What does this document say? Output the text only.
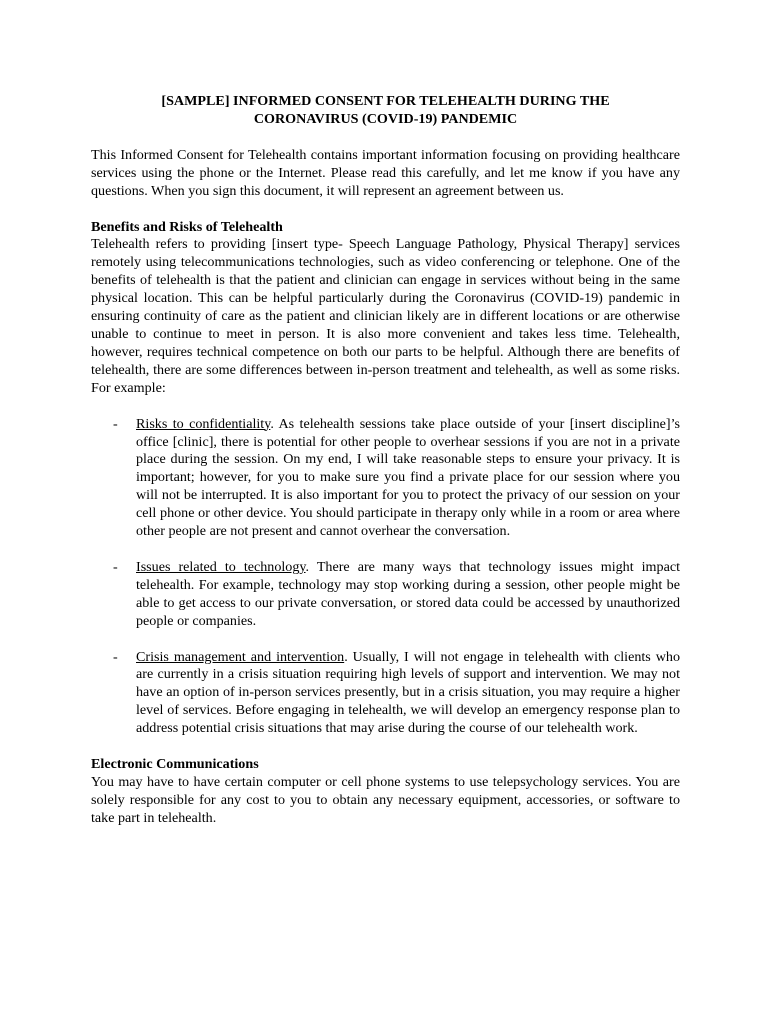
[SAMPLE] INFORMED CONSENT FOR TELEHEALTH DURING THE
CORONAVIRUS (COVID-19) PANDEMIC

This Informed Consent for Telehealth contains important information focusing on providing healthcare services using the phone or the Internet. Please read this carefully, and let me know if you have any questions. When you sign this document, it will represent an agreement between us.

Benefits and Risks of Telehealth

Telehealth refers to providing [insert type- Speech Language Pathology, Physical Therapy] services remotely using telecommunications technologies, such as video conferencing or telephone. One of the benefits of telehealth is that the patient and clinician can engage in services without being in the same physical location. This can be helpful particularly during the Coronavirus (COVID-19) pandemic in ensuring continuity of care as the patient and clinician likely are in different locations or are otherwise unable to continue to meet in person. It is also more convenient and takes less time. Telehealth, however, requires technical competence on both our parts to be helpful. Although there are benefits of telehealth, there are some differences between in-person treatment and telehealth, as well as some risks. For example:

- Risks to confidentiality. As telehealth sessions take place outside of your [insert discipline]’s office [clinic], there is potential for other people to overhear sessions if you are not in a private place during the session. On my end, I will take reasonable steps to ensure your privacy. It is important; however, for you to make sure you find a private place for our session where you will not be interrupted. It is also important for you to protect the privacy of our session on your cell phone or other device. You should participate in therapy only while in a room or area where other people are not present and cannot overhear the conversation.
- Issues related to technology. There are many ways that technology issues might impact telehealth. For example, technology may stop working during a session, other people might be able to get access to our private conversation, or stored data could be accessed by unauthorized people or companies.
- Crisis management and intervention. Usually, I will not engage in telehealth with clients who are currently in a crisis situation requiring high levels of support and intervention. We may not have an option of in-person services presently, but in a crisis situation, you may require a higher level of services. Before engaging in telehealth, we will develop an emergency response plan to address potential crisis situations that may arise during the course of our telehealth work.
Electronic Communications

You may have to have certain computer or cell phone systems to use telepsychology services. You are solely responsible for any cost to you to obtain any necessary equipment, accessories, or software to take part in telehealth.
